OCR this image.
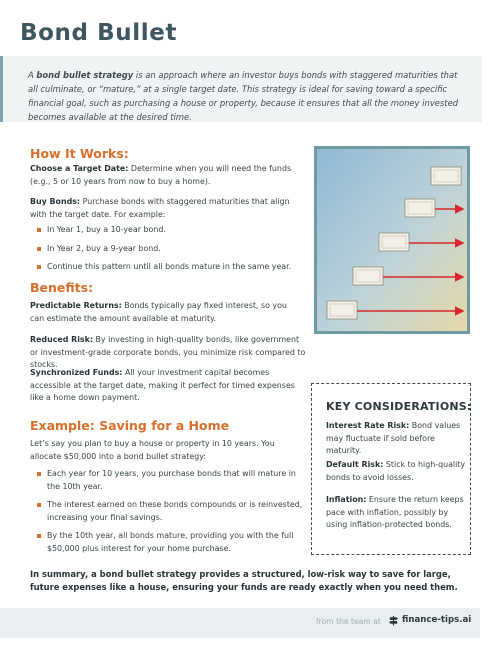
Bond Bullet
A bond bullet strategy is an approach where an investor buys bonds with staggered maturities that all culminate, or “mature,” at a single target date. This strategy is ideal for saving toward a specific financial goal, such as purchasing a house or property, because it ensures that all the money invested becomes available at the desired time.
How It Works:
Choose a Target Date: Determine when you will need the funds (e.g., 5 or 10 years from now to buy a home).
Buy Bonds: Purchase bonds with staggered maturities that align with the target date. For example:
In Year 1, buy a 10-year bond.
In Year 2, buy a 9-year bond.
Continue this pattern until all bonds mature in the same year.
Benefits:
Predictable Returns: Bonds typically pay fixed interest, so you can estimate the amount available at maturity.
Reduced Risk: By investing in high-quality bonds, like government or investment-grade corporate bonds, you minimize risk compared to stocks.
Synchronized Funds: All your investment capital becomes accessible at the target date, making it perfect for timed expenses like a home down payment.
Example: Saving for a Home
Let’s say you plan to buy a house or property in 10 years. You allocate $50,000 into a bond bullet strategy:
Each year for 10 years, you purchase bonds that will mature in the 10th year.
The interest earned on these bonds compounds or is reinvested, increasing your final savings.
By the 10th year, all bonds mature, providing you with the full $50,000 plus interest for your home purchase.
KEY CONSIDERATIONS:
Interest Rate Risk: Bond values may fluctuate if sold before maturity.
Default Risk: Stick to high-quality bonds to avoid losses.
Inflation: Ensure the return keeps pace with inflation, possibly by using inflation-protected bonds.
In summary, a bond bullet strategy provides a structured, low-risk way to save for large, future expenses like a house, ensuring your funds are ready exactly when you need them.
from the team at finance-tips.ai
